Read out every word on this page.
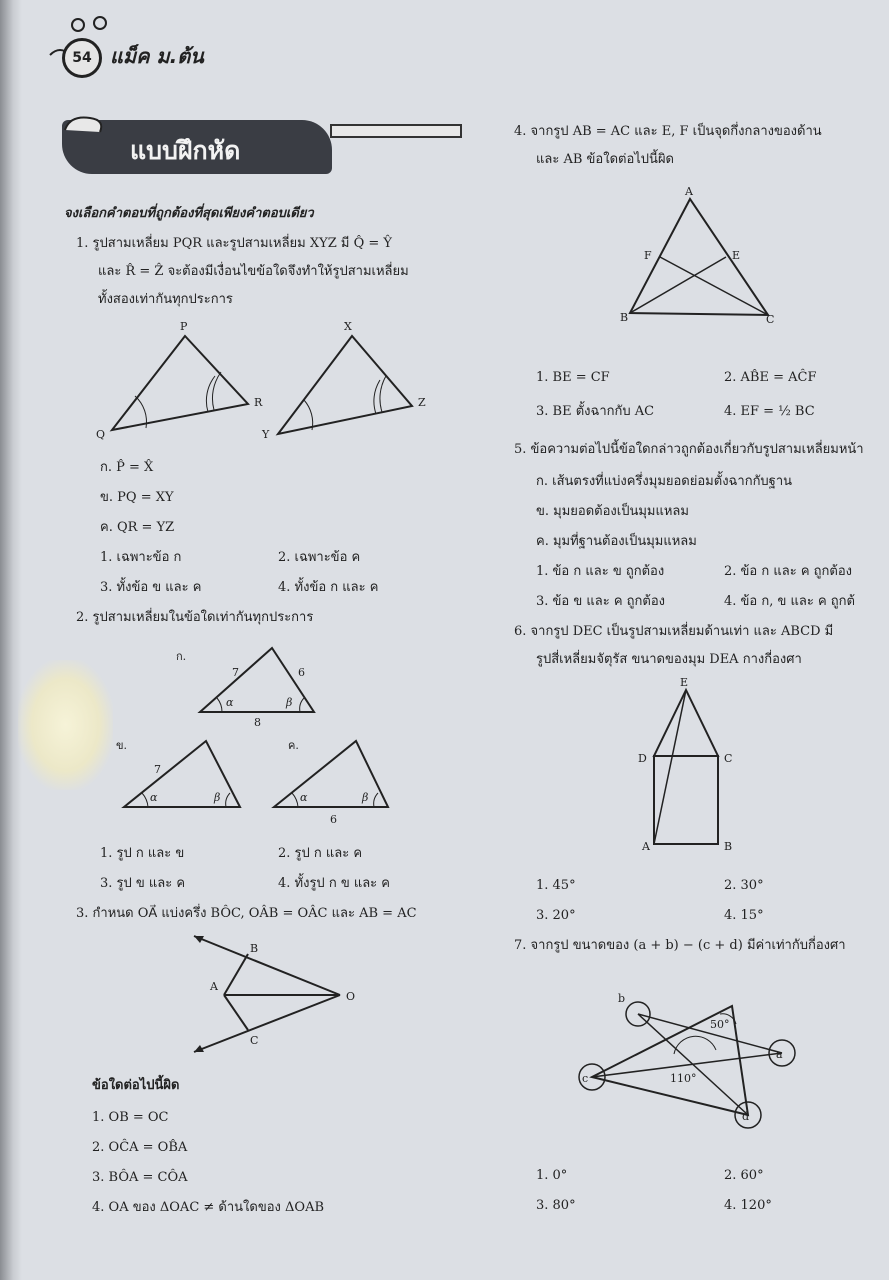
54 แม็ค ม.ต้น
แบบฝึกหัด
จงเลือกคำตอบที่ถูกต้องที่สุดเพียงคำตอบเดียว
1. รูปสามเหลี่ยม PQR และรูปสามเหลี่ยม XYZ มี Q̂ = Ŷ
และ R̂ = Ẑ จะต้องมีเงื่อนไขข้อใดจึงทำให้รูปสามเหลี่ยม
ทั้งสองเท่ากันทุกประการ
P
Q
R
X
Y
Z
ก. P̂ = X̂
ข. PQ = XY
ค. QR = YZ
1. เฉพาะข้อ ก	2. เฉพาะข้อ ค
3. ทั้งข้อ ข และ ค	4. ทั้งข้อ ก และ ค
2. รูปสามเหลี่ยมในข้อใดเท่ากันทุกประการ
ก.
7	6
8
α	β
ข.
7
α	β
ค.
α	β
6
1. รูป ก และ ข	2. รูป ก และ ค
3. รูป ข และ ค	4. ทั้งรูป ก ข และ ค
3. กำหนด OA⃗ แบ่งครึ่ง BÔC, OÂB = OÂC และ AB = AC
B
A
C
O
ข้อใดต่อไปนี้ผิด
1. OB = OC
2. OĈA = OB̂A
3. BÔA = CÔA
4. OA ของ ΔOAC ≠ ด้านใดของ ΔOAB
4. จากรูป AB = AC และ E, F เป็นจุดกึ่งกลางของด้าน
และ AB ข้อใดต่อไปนี้ผิด
A
F	E
B	C
1. BE = CF	2. AB̂E = AĈF
3. BE ตั้งฉากกับ AC	4. EF = ½ BC
5. ข้อความต่อไปนี้ข้อใดกล่าวถูกต้องเกี่ยวกับรูปสามเหลี่ยมหน้า
ก. เส้นตรงที่แบ่งครึ่งมุมยอดย่อมตั้งฉากกับฐาน
ข. มุมยอดต้องเป็นมุมแหลม
ค. มุมที่ฐานต้องเป็นมุมแหลม
1. ข้อ ก และ ข ถูกต้อง	2. ข้อ ก และ ค ถูกต้อง
3. ข้อ ข และ ค ถูกต้อง	4. ข้อ ก, ข และ ค ถูกต้
6. จากรูป DEC เป็นรูปสามเหลี่ยมด้านเท่า และ ABCD มี
รูปสี่เหลี่ยมจัตุรัส ขนาดของมุม DEA กางกี่องศา
E
D	C
A	B
1. 45°	2. 30°
3. 20°	4. 15°
7. จากรูป ขนาดของ (a + b) − (c + d) มีค่าเท่ากับกี่องศา
b
c
a
d
50°
110°
1. 0°	2. 60°
3. 80°	4. 120°
